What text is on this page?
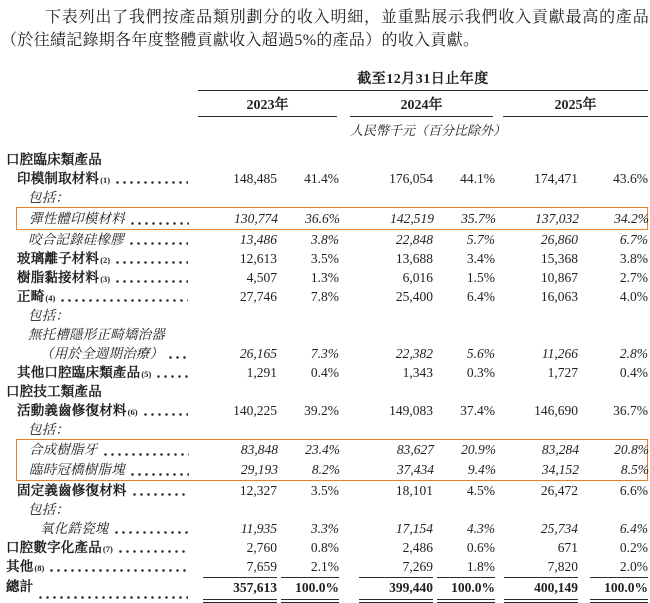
下表列出了我們按產品類別劃分的收入明細，並重點展示我們收入貢獻最高的產品（於往績記錄期各年度整體貢獻收入超過5%的產品）的收入貢獻。

截至12月31日止年度
2023年	2024年	2025年
人民幣千元（百分比除外）
口腔臨床類產品
印模制取材料 (1)	148,485	41.4%	176,054	44.1%	174,471	43.6%
包括：
彈性體印模材料	130,774	36.6%	142,519	35.7%	137,032	34.2%
咬合記錄硅橡膠	13,486	3.8%	22,848	5.7%	26,860	6.7%
玻璃離子材料 (2)	12,613	3.5%	13,688	3.4%	15,368	3.8%
樹脂黏接材料 (3)	4,507	1.3%	6,016	1.5%	10,867	2.7%
正畸 (4)	27,746	7.8%	25,400	6.4%	16,063	4.0%
包括：
無托槽隱形正畸矯治器
（用於全週期治療）	26,165	7.3%	22,382	5.6%	11,266	2.8%
其他口腔臨床類產品 (5)	1,291	0.4%	1,343	0.3%	1,727	0.4%
口腔技工類產品
活動義齒修復材料 (6)	140,225	39.2%	149,083	37.4%	146,690	36.7%
包括：
合成樹脂牙	83,848	23.4%	83,627	20.9%	83,284	20.8%
臨時冠橋樹脂塊	29,193	8.2%	37,434	9.4%	34,152	8.5%
固定義齒修復材料	12,327	3.5%	18,101	4.5%	26,472	6.6%
包括：
氧化鋯瓷塊	11,935	3.3%	17,154	4.3%	25,734	6.4%
口腔數字化產品 (7)	2,760	0.8%	2,486	0.6%	671	0.2%
其他 (8)	7,659	2.1%	7,269	1.8%	7,820	2.0%
總計	357,613	100.0%	399,440	100.0%	400,149	100.0%
